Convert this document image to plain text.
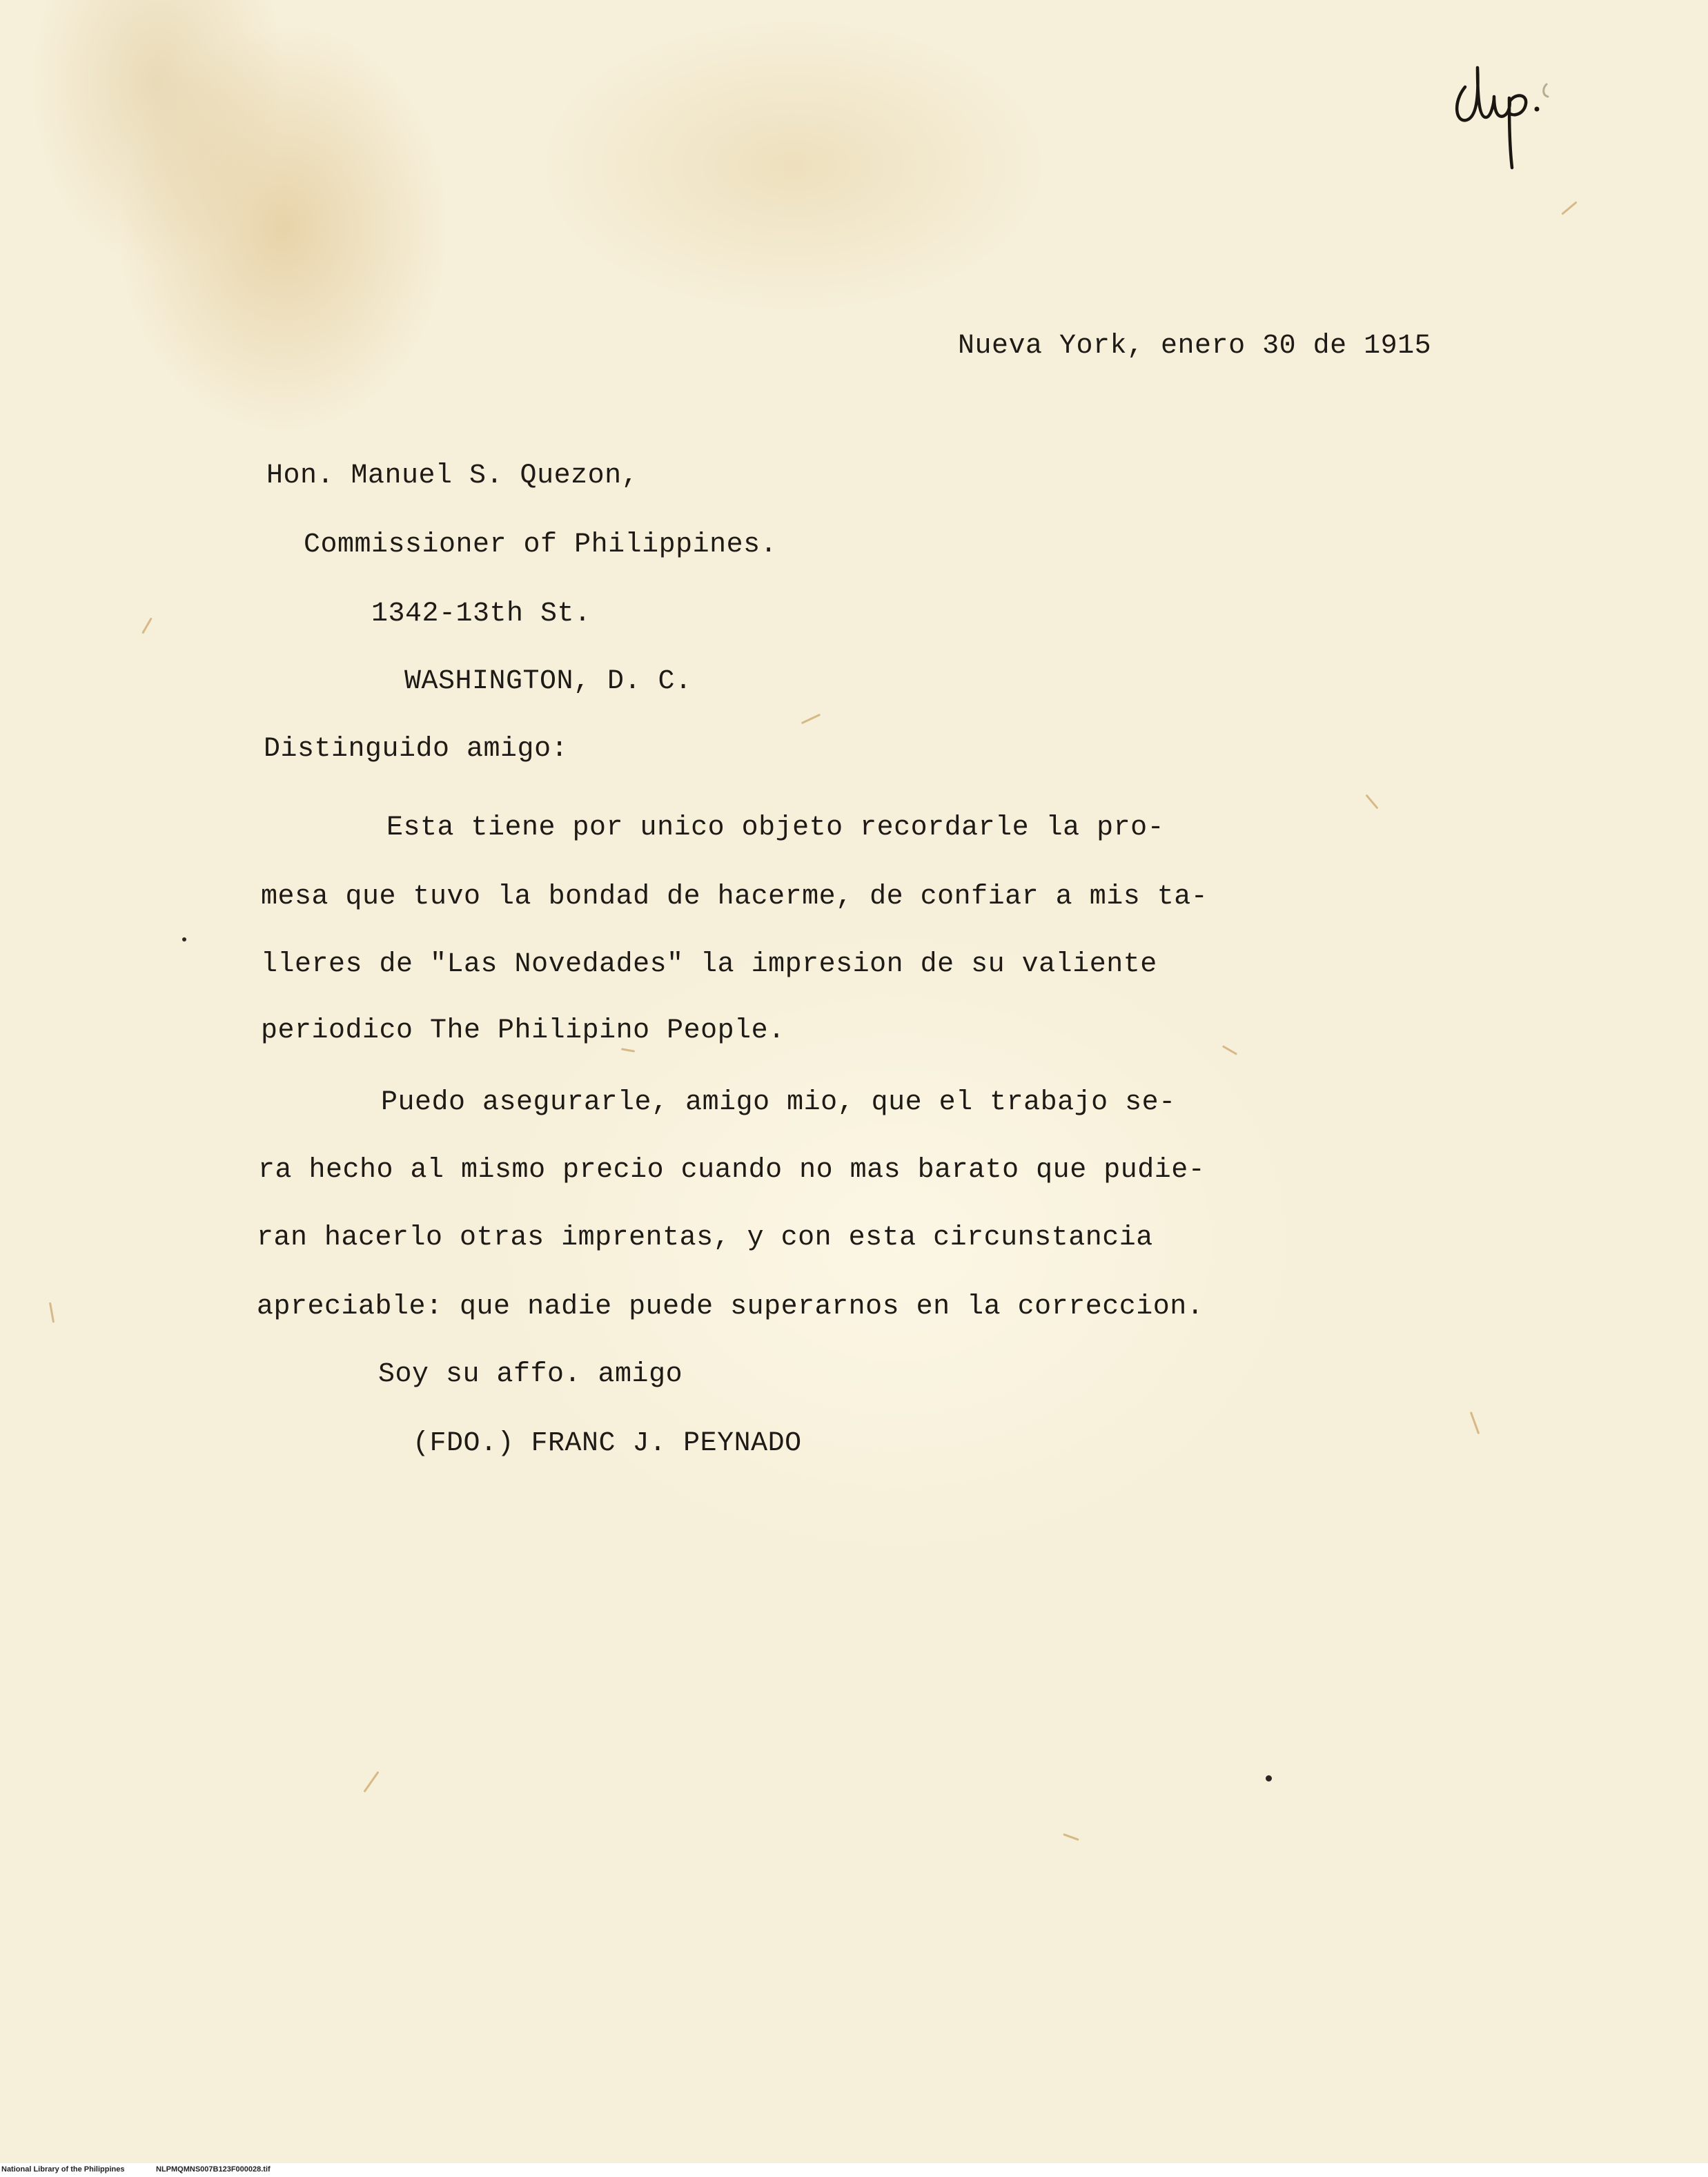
Nueva York, enero 30 de 1915

Hon. Manuel S. Quezon,

Commissioner of Philippines.

1342-13th St.

WASHINGTON, D. C.

Distinguido amigo:

Esta tiene por unico objeto recordarle la pro-

mesa que tuvo la bondad de hacerme, de confiar a mis ta-

lleres de "Las Novedades" la impresion de su valiente

periodico The Philipino People.

Puedo asegurarle, amigo mio, que el trabajo se-

ra hecho al mismo precio cuando no mas barato que pudie-

ran hacerlo otras imprentas, y con esta circunstancia

apreciable: que nadie puede superarnos en la correccion.

Soy su affo. amigo

(FDO.) FRANC J. PEYNADO

National Library of the Philippines	NLPMQMNS007B123F000028.tif
